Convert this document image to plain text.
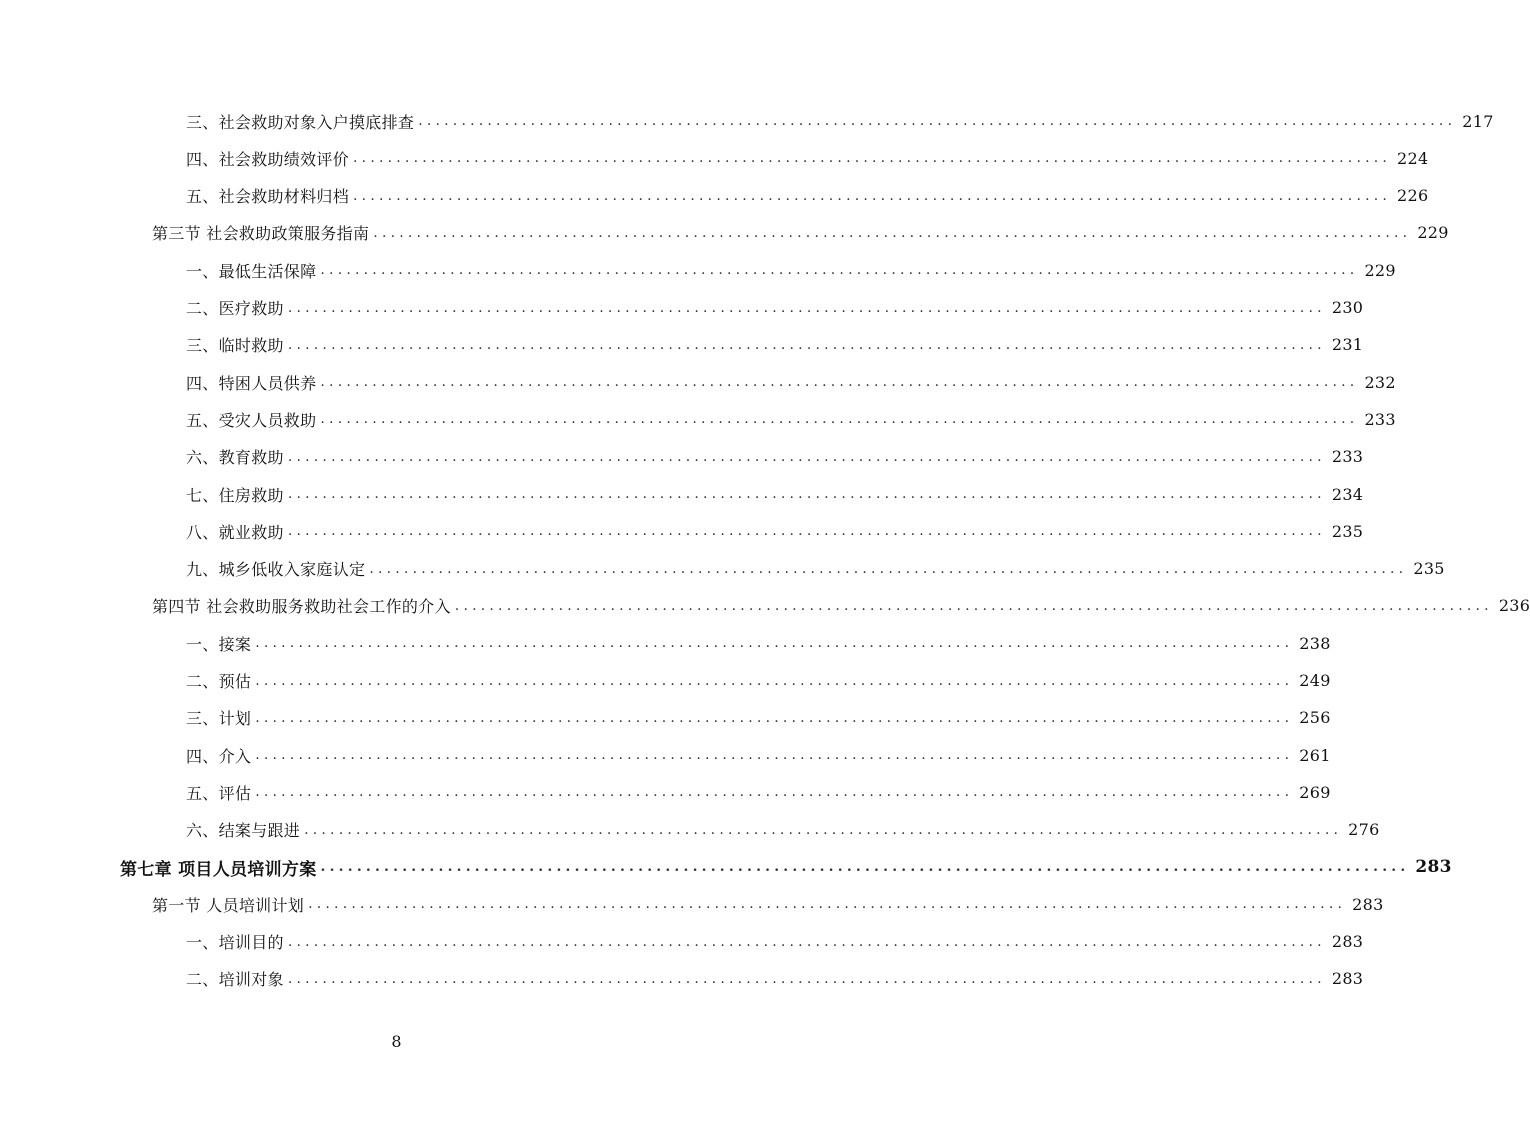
三、社会救助对象入户摸底排查 ........................................................................................................................ 217
四、社会救助绩效评价 ........................................................................................................................ 224
五、社会救助材料归档 ........................................................................................................................ 226
第三节 社会救助政策服务指南 ........................................................................................................................ 229
一、最低生活保障 ........................................................................................................................ 229
二、医疗救助 ........................................................................................................................ 230
三、临时救助 ........................................................................................................................ 231
四、特困人员供养 ........................................................................................................................ 232
五、受灾人员救助 ........................................................................................................................ 233
六、教育救助 ........................................................................................................................ 233
七、住房救助 ........................................................................................................................ 234
八、就业救助 ........................................................................................................................ 235
九、城乡低收入家庭认定 ........................................................................................................................ 235
第四节 社会救助服务救助社会工作的介入 ........................................................................................................................ 236
一、接案 ........................................................................................................................ 238
二、预估 ........................................................................................................................ 249
三、计划 ........................................................................................................................ 256
四、介入 ........................................................................................................................ 261
五、评估 ........................................................................................................................ 269
六、结案与跟进 ........................................................................................................................ 276
第七章 项目人员培训方案 ........................................................................................................................ 283
第一节 人员培训计划 ........................................................................................................................ 283
一、培训目的 ........................................................................................................................ 283
二、培训对象 ........................................................................................................................ 283
8
